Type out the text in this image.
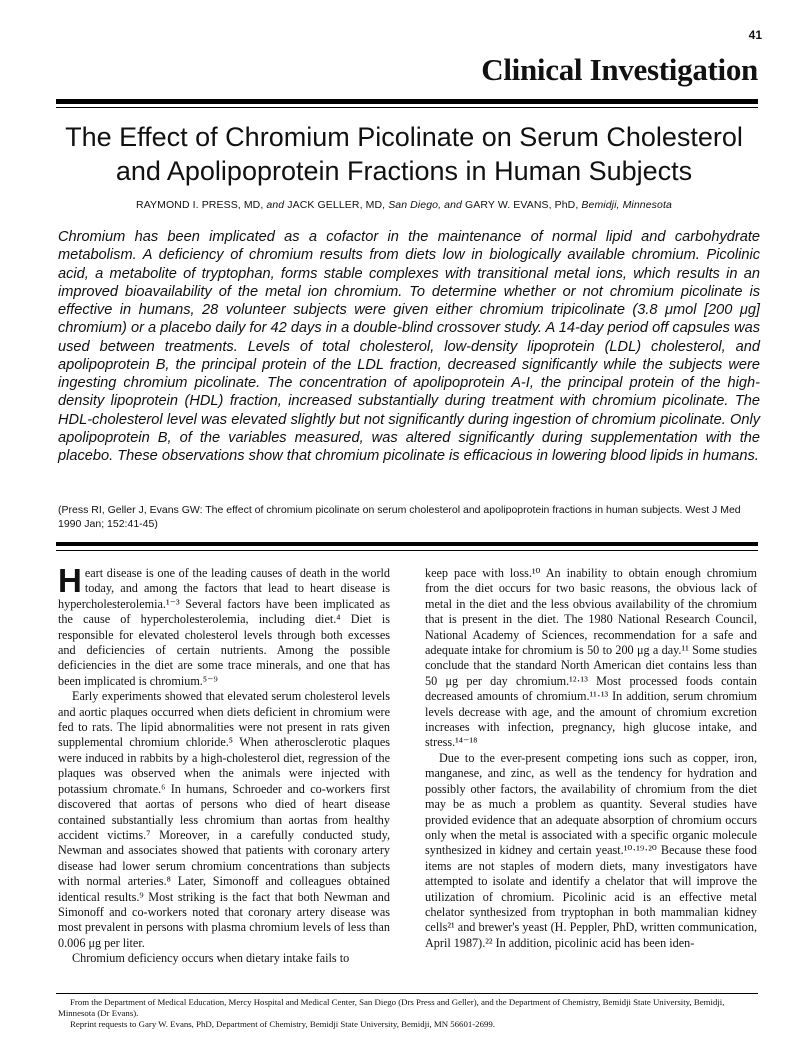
41
Clinical Investigation
The Effect of Chromium Picolinate on Serum Cholesterol
and Apolipoprotein Fractions in Human Subjects

RAYMOND I. PRESS, MD, and JACK GELLER, MD, San Diego, and GARY W. EVANS, PhD, Bemidji, Minnesota

Chromium has been implicated as a cofactor in the maintenance of normal lipid and carbohydrate metabolism. A deficiency of chromium results from diets low in biologically available chromium. Picolinic acid, a metabolite of tryptophan, forms stable complexes with transitional metal ions, which results in an improved bioavailability of the metal ion chromium. To determine whether or not chromium picolinate is effective in humans, 28 volunteer subjects were given either chromium tripicolinate (3.8 μmol [200 μg] chromium) or a placebo daily for 42 days in a double-blind crossover study. A 14-day period off capsules was used between treatments. Levels of total cholesterol, low-density lipoprotein (LDL) cholesterol, and apolipoprotein B, the principal protein of the LDL fraction, decreased significantly while the subjects were ingesting chromium picolinate. The concentration of apolipoprotein A-I, the principal protein of the high-density lipoprotein (HDL) fraction, increased substantially during treatment with chromium picolinate. The HDL-cholesterol level was elevated slightly but not significantly during ingestion of chromium picolinate. Only apolipoprotein B, of the variables measured, was altered significantly during supplementation with the placebo. These observations show that chromium picolinate is efficacious in lowering blood lipids in humans.

(Press RI, Geller J, Evans GW: The effect of chromium picolinate on serum cholesterol and apolipoprotein fractions in human subjects. West J Med 1990 Jan; 152:41-45)

Heart disease is one of the leading causes of death in the world today, and among the factors that lead to heart disease is hypercholesterolemia.¹⁻³ Several factors have been implicated as the cause of hypercholesterolemia, including diet.⁴ Diet is responsible for elevated cholesterol levels through both excesses and deficiencies of certain nutrients. Among the possible deficiencies in the diet are some trace minerals, and one that has been implicated is chromium.⁵⁻⁹

Early experiments showed that elevated serum cholesterol levels and aortic plaques occurred when diets deficient in chromium were fed to rats. The lipid abnormalities were not present in rats given supplemental chromium chloride.⁵ When atherosclerotic plaques were induced in rabbits by a high-cholesterol diet, regression of the plaques was observed when the animals were injected with potassium chromate.⁶ In humans, Schroeder and co-workers first discovered that aortas of persons who died of heart disease contained substantially less chromium than aortas from healthy accident victims.⁷ Moreover, in a carefully conducted study, Newman and associates showed that patients with coronary artery disease had lower serum chromium concentrations than subjects with normal arteries.⁸ Later, Simonoff and colleagues obtained identical results.⁹ Most striking is the fact that both Newman and Simonoff and co-workers noted that coronary artery disease was most prevalent in persons with plasma chromium levels of less than 0.006 μg per liter.

Chromium deficiency occurs when dietary intake fails to

keep pace with loss.¹⁰ An inability to obtain enough chromium from the diet occurs for two basic reasons, the obvious lack of metal in the diet and the less obvious availability of the chromium that is present in the diet. The 1980 National Research Council, National Academy of Sciences, recommendation for a safe and adequate intake for chromium is 50 to 200 μg a day.¹¹ Some studies conclude that the standard North American diet contains less than 50 μg per day chromium.¹²·¹³ Most processed foods contain decreased amounts of chromium.¹¹·¹³ In addition, serum chromium levels decrease with age, and the amount of chromium excretion increases with infection, pregnancy, high glucose intake, and stress.¹⁴⁻¹⁸

Due to the ever-present competing ions such as copper, iron, manganese, and zinc, as well as the tendency for hydration and possibly other factors, the availability of chromium from the diet may be as much a problem as quantity. Several studies have provided evidence that an adequate absorption of chromium occurs only when the metal is associated with a specific organic molecule synthesized in kidney and certain yeast.¹⁰·¹⁹·²⁰ Because these food items are not staples of modern diets, many investigators have attempted to isolate and identify a chelator that will improve the utilization of chromium. Picolinic acid is an effective metal chelator synthesized from tryptophan in both mammalian kidney cells²¹ and brewer's yeast (H. Peppler, PhD, written communication, April 1987).²² In addition, picolinic acid has been iden-

From the Department of Medical Education, Mercy Hospital and Medical Center, San Diego (Drs Press and Geller), and the Department of Chemistry, Bemidji State University, Bemidji, Minnesota (Dr Evans).

Reprint requests to Gary W. Evans, PhD, Department of Chemistry, Bemidji State University, Bemidji, MN 56601-2699.
